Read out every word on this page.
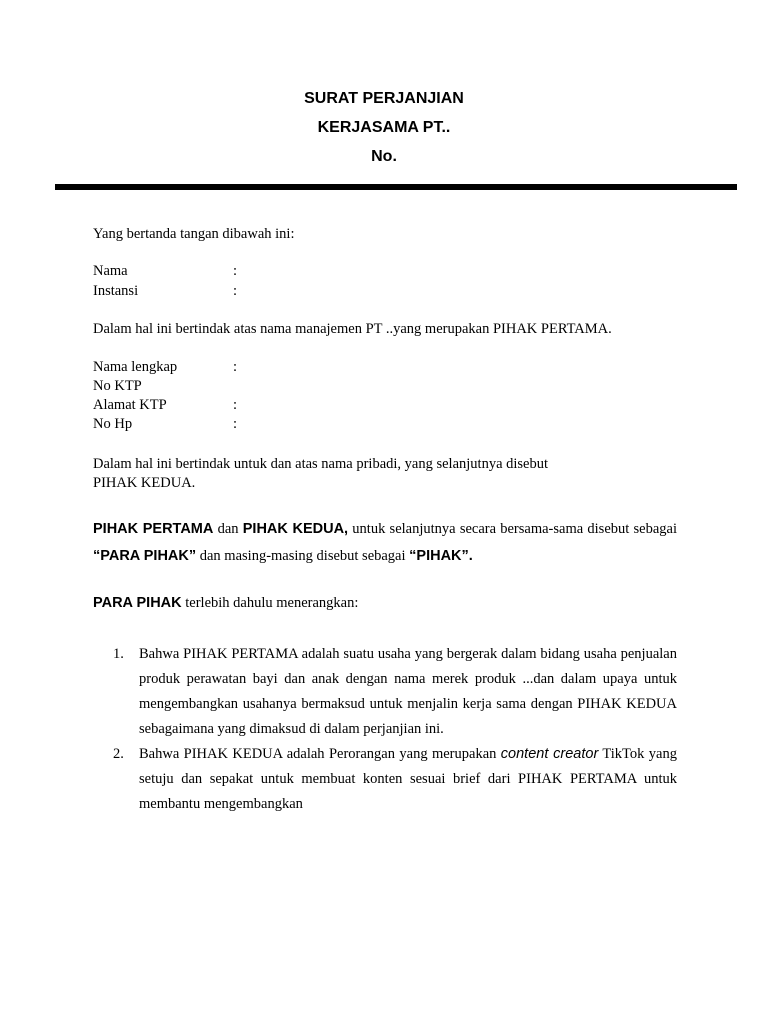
SURAT PERJANJIAN
KERJASAMA PT..
No.
Yang bertanda tangan dibawah ini:
Nama	:
Instansi	:
Dalam hal ini bertindak atas nama manajemen PT ..yang merupakan PIHAK PERTAMA.
Nama lengkap	:
No KTP
Alamat KTP	:
No Hp	:
Dalam hal ini bertindak untuk dan atas nama pribadi, yang selanjutnya disebut
PIHAK KEDUA.
PIHAK PERTAMA dan PIHAK KEDUA, untuk selanjutnya secara bersama-sama disebut sebagai “PARA PIHAK” dan masing-masing disebut sebagai “PIHAK”.
PARA PIHAK terlebih dahulu menerangkan:
1. Bahwa PIHAK PERTAMA adalah suatu usaha yang bergerak dalam bidang usaha penjualan produk perawatan bayi dan anak dengan nama merek produk ...dan dalam upaya untuk mengembangkan usahanya bermaksud untuk menjalin kerja sama dengan PIHAK KEDUA sebagaimana yang dimaksud di dalam perjanjian ini.
2. Bahwa PIHAK KEDUA adalah Perorangan yang merupakan content creator TikTok yang setuju dan sepakat untuk membuat konten sesuai brief dari PIHAK PERTAMA untuk membantu mengembangkan
